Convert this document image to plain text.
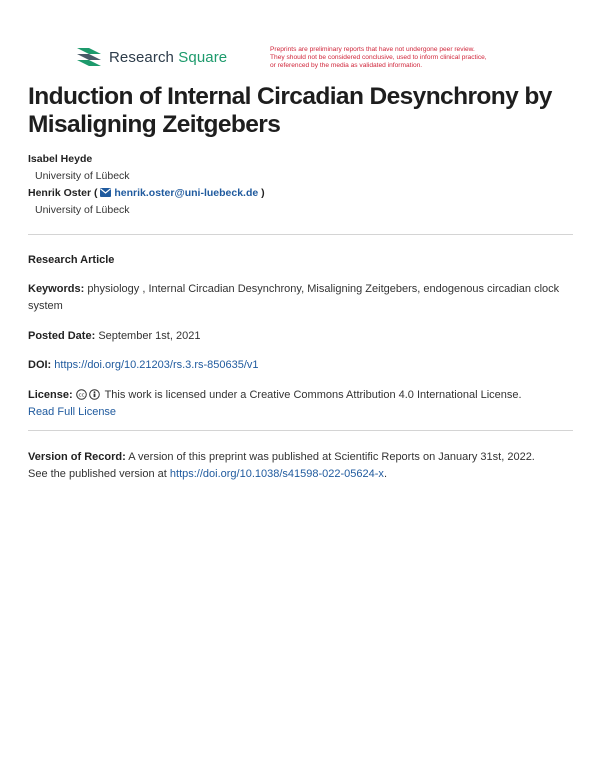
Research Square	Preprints are preliminary reports that have not undergone peer review.
They should not be considered conclusive, used to inform clinical practice,
or referenced by the media as validated information.
Induction of Internal Circadian Desynchrony by Misaligning Zeitgebers
Isabel Heyde
University of Lübeck
Henrik Oster ( henrik.oster@uni-luebeck.de )
University of Lübeck
Research Article
Keywords: physiology , Internal Circadian Desynchrony, Misaligning Zeitgebers, endogenous circadian clock system
Posted Date: September 1st, 2021
DOI: https://doi.org/10.21203/rs.3.rs-850635/v1
License: cc This work is licensed under a Creative Commons Attribution 4.0 International License.
Read Full License
Version of Record: A version of this preprint was published at Scientific Reports on January 31st, 2022.
See the published version at https://doi.org/10.1038/s41598-022-05624-x.
